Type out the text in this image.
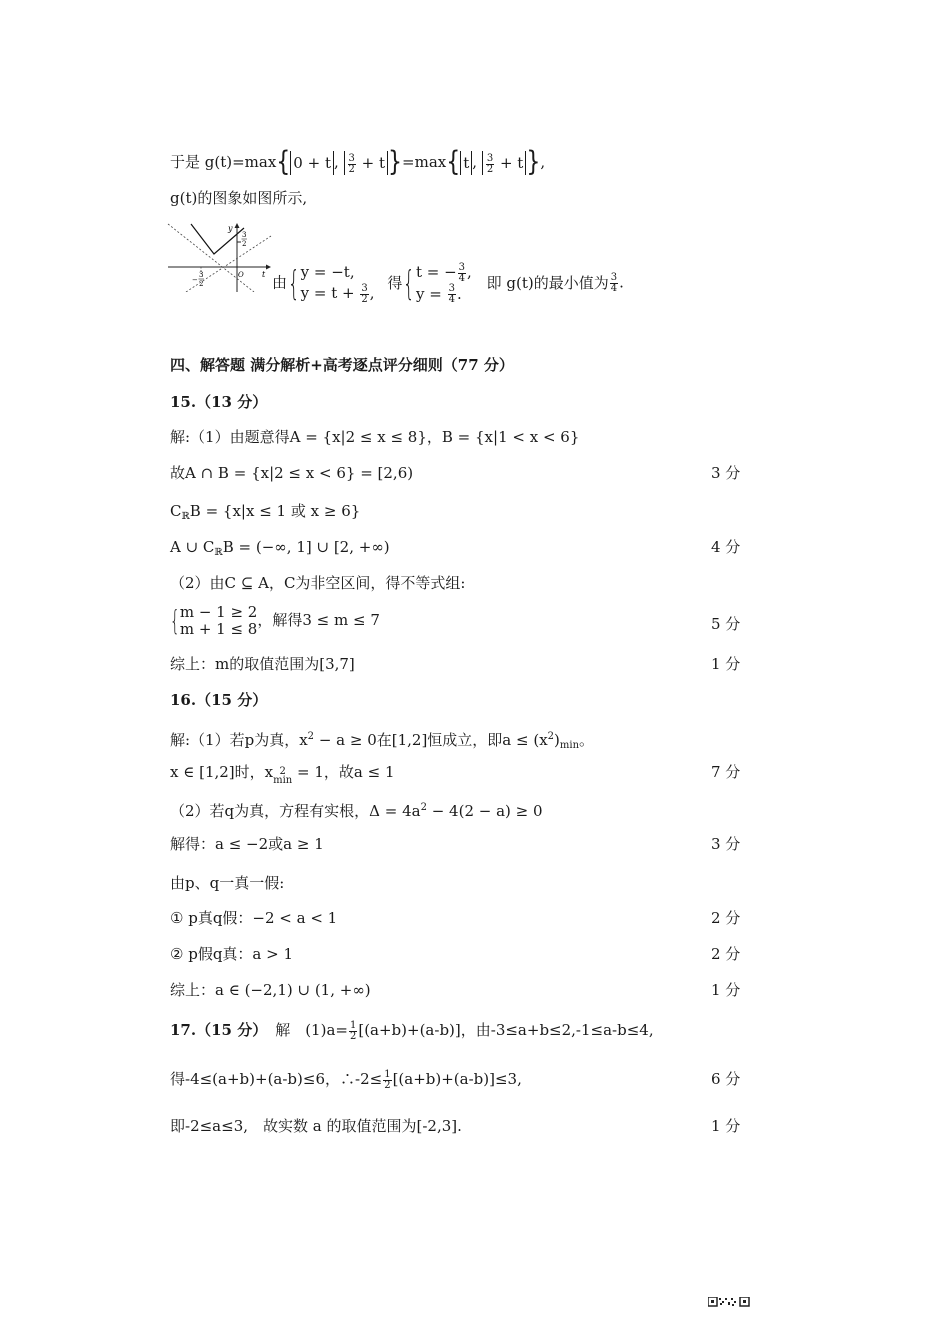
于是 g(t)=max{ 0 + t , $\frac{3}{2} + t$ }=max{ t , $\frac{3}{2} + t$ },
g(t)的图象如图所示,
y
t
O
3
2
−
3
2	由{ y = −t,
$y = t + \frac{3}{2}$ ,
得{ t = − $\frac{3}{4}$ ,
$y = \frac{3}{4}$ .
即 g(t)的最小值为 $\frac{3}{4}$ .
四、解答题 满分解析+高考逐点评分细则（77 分）
15.（13 分）
解:（1）由题意得A = {x|2 ≤ x ≤ 8}，B = {x|1 < x < 6}
故A ∩ B = {x|2 ≤ x < 6} = [2,6)	3 分
$C_ℝB = \{x|x \le 1$ 或 x ≥ 6}
A ∪ $C_ℝB$ = (−∞, 1] ∪ [2, +∞)	4 分
（2）由C ⊆ A，C为非空区间，得不等式组:
{ m − 1 ≥ 2
m + 1 ≤ 8 ，解得3 ≤ m ≤ 7	5 分
综上：m的取值范围为[3,7]	1 分
16.（15 分）
解:（1）若p为真，$x^2 - a \ge 0$在[1,2]恒成立，即$a \le (x^2)_{min}$。
x ∈ [1,2]时，x 2
min = 1，故a ≤ 1	7 分
（2）若q为真，方程有实根，$\Delta = 4a^2 - 4(2 - a) \ge 0$
解得：a ≤ −2或a ≥ 1	3 分
由p、q一真一假:
① p真q假：−2 < a < 1	2 分
② p假q真：a > 1	2 分
综上：a ∈ (−2,1) ∪ (1, +∞)	1 分
17.（15 分） 解　$(1)a= \frac{1}{2} [(a+b)+(a-b)]$，由-3≤a+b≤2,-1≤a-b≤4,
得-4≤(a+b)+(a-b)≤6，∴-2≤ $\frac{1}{2} [(a+b)+(a-b)]\le 3$,	6 分
即-2≤a≤3,　故实数 a 的取值范围为[-2,3].	1 分
